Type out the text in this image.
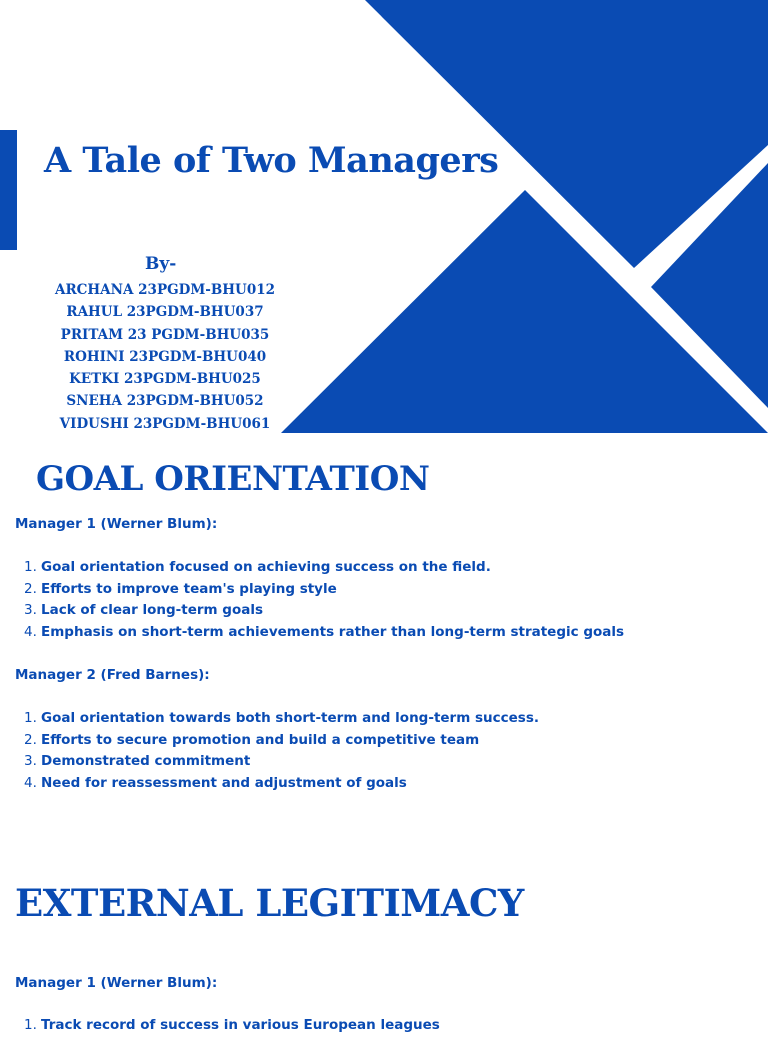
A Tale of Two Managers
By-
ARCHANA 23PGDM-BHU012
RAHUL 23PGDM-BHU037
PRITAM 23 PGDM-BHU035
ROHINI 23PGDM-BHU040
KETKI 23PGDM-BHU025
SNEHA 23PGDM-BHU052
VIDUSHI 23PGDM-BHU061
GOAL ORIENTATION
Manager 1 (Werner Blum):
1. Goal orientation focused on achieving success on the field.
2. Efforts to improve team's playing style
3. Lack of clear long-term goals
4. Emphasis on short-term achievements rather than long-term strategic goals
Manager 2 (Fred Barnes):
1. Goal orientation towards both short-term and long-term success.
2. Efforts to secure promotion and build a competitive team
3. Demonstrated commitment
4. Need for reassessment and adjustment of goals
EXTERNAL LEGITIMACY
Manager 1 (Werner Blum):
1. Track record of success in various European leagues
